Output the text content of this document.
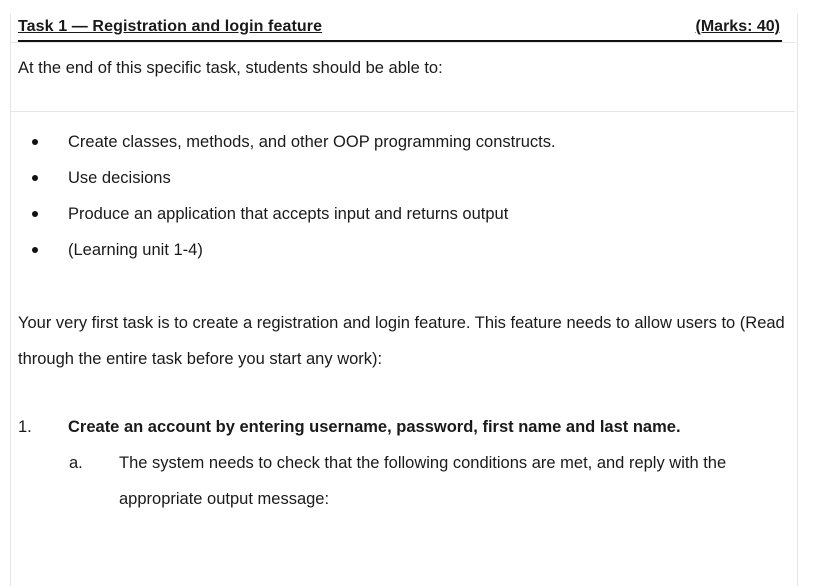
Task 1 — Registration and login feature	(Marks: 40)
At the end of this specific task, students should be able to:
Create classes, methods, and other OOP programming constructs.
Use decisions
Produce an application that accepts input and returns output
(Learning unit 1-4)
Your very first task is to create a registration and login feature. This feature needs to allow users to (Read through the entire task before you start any work):
1.	Create an account by entering username, password, first name and last name.
a.	The system needs to check that the following conditions are met, and reply with the appropriate output message:
